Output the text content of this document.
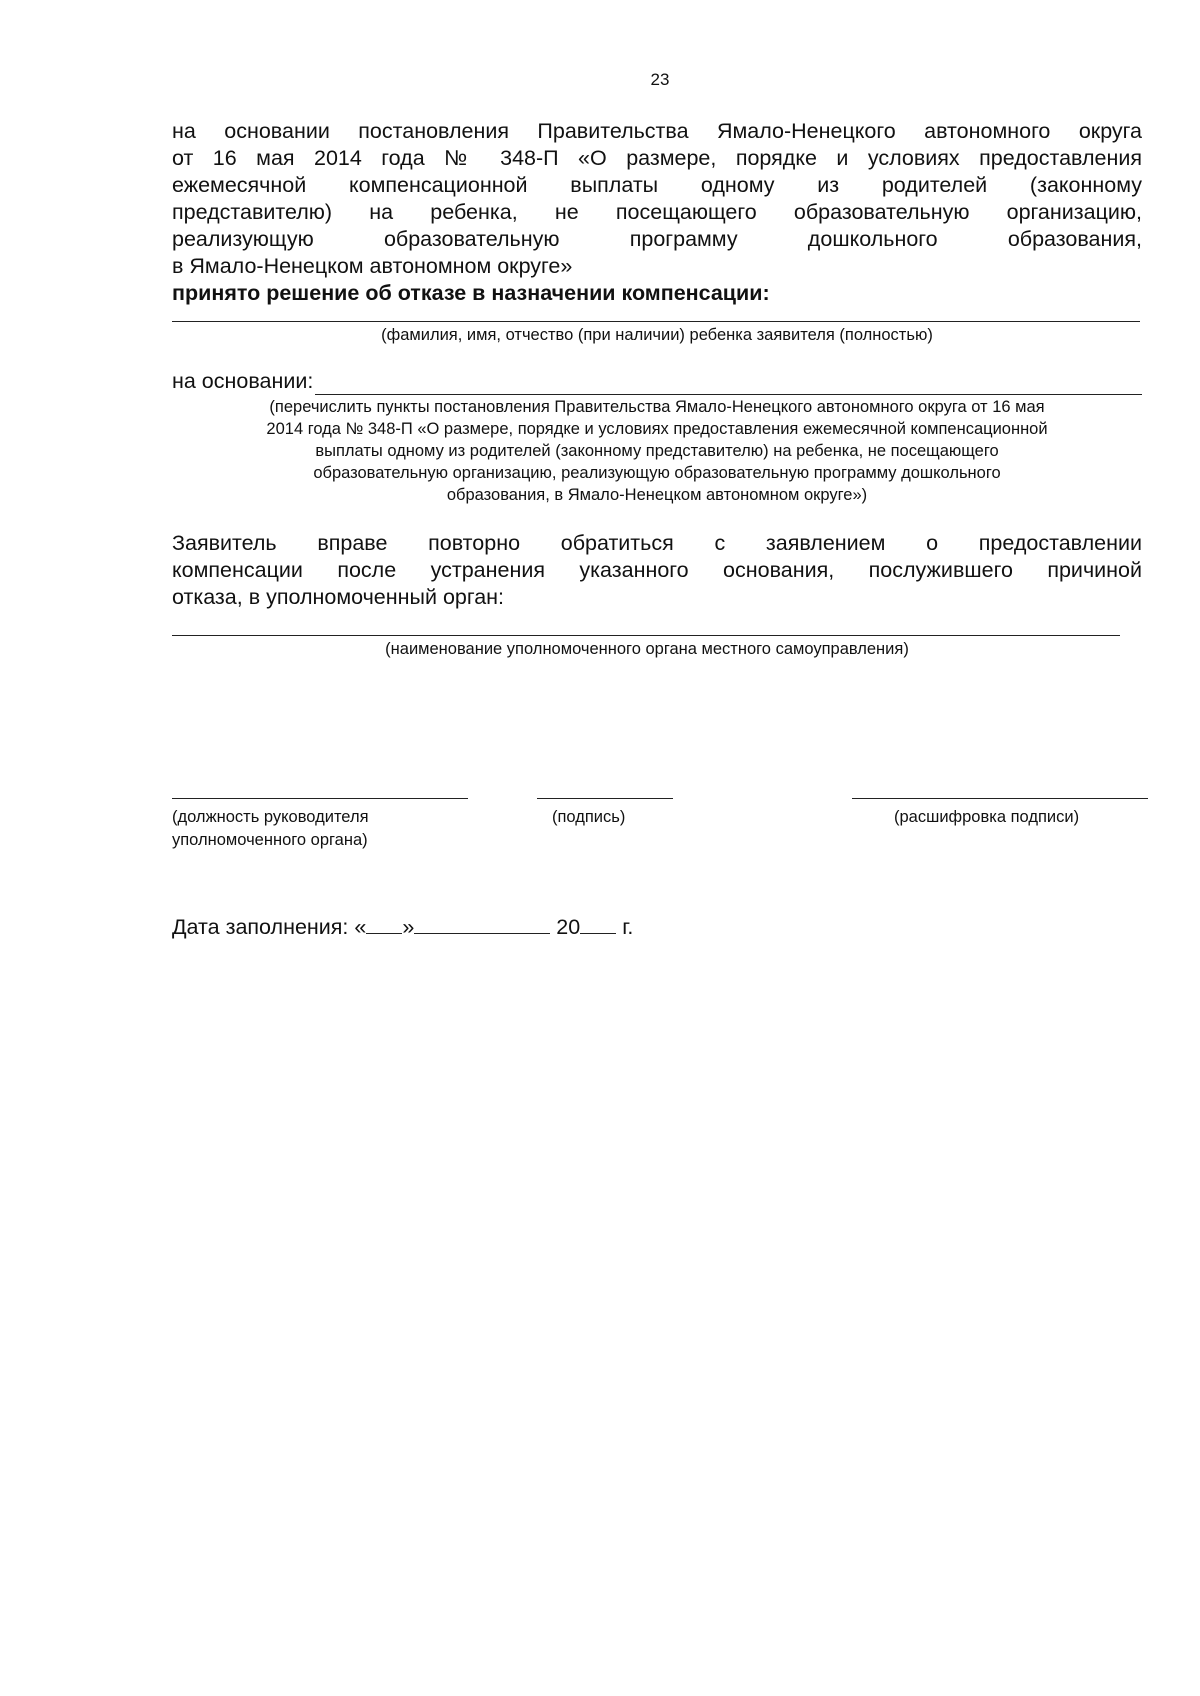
23

на основании постановления Правительства Ямало-Ненецкого автономного округа

от 16 мая 2014 года № 348-П «О размере, порядке и условиях предоставления

ежемесячной компенсационной выплаты одному из родителей (законному

представителю) на ребенка, не посещающего образовательную организацию,

реализующую образовательную программу дошкольного образования,

в Ямало-Ненецком автономном округе»

принято решение об отказе в назначении компенсации:

(фамилия, имя, отчество (при наличии) ребенка заявителя (полностью)
на основании:
(перечислить пункты постановления Правительства Ямало-Ненецкого автономного округа от 16 мая
2014 года № 348-П «О размере, порядке и условиях предоставления ежемесячной компенсационной
выплаты одному из родителей (законному представителю) на ребенка, не посещающего
образовательную организацию, реализующую образовательную программу дошкольного
образования, в Ямало-Ненецком автономном округе»)

Заявитель вправе повторно обратиться с заявлением о предоставлении

компенсации после устранения указанного основания, послужившего причиной

отказа, в уполномоченный орган:

(наименование уполномоченного органа местного самоуправления)
(должность руководителя
уполномоченного органа)
(подпись)	(расшифровка подписи)
Дата заполнения: « »	20 г.
